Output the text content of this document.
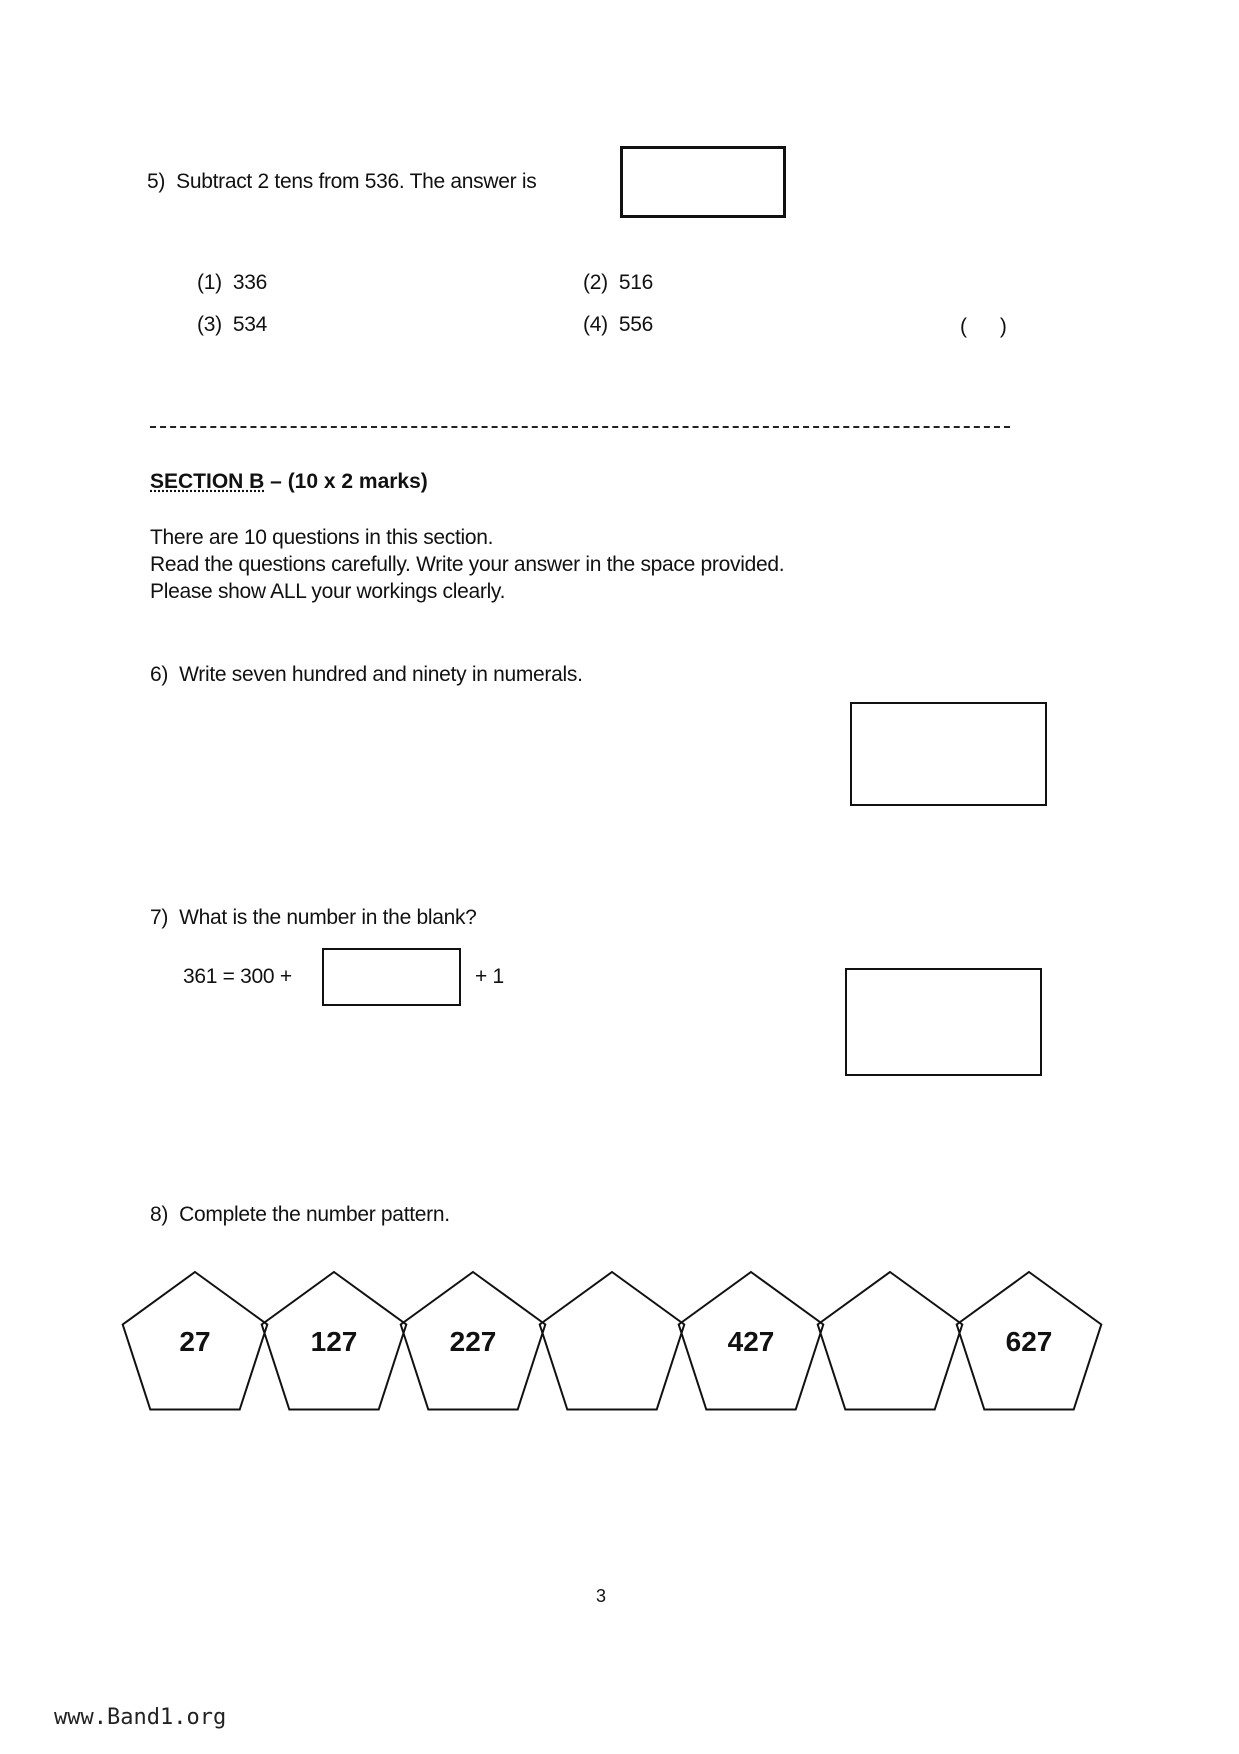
5) Subtract 2 tens from 536. The answer is
(1) 336	(2) 516
(3) 534	(4) 556	(      )
SECTION B – (10 x 2 marks)
There are 10 questions in this section.
Read the questions carefully. Write your answer in the space provided.
Please show ALL your workings clearly.
6) Write seven hundred and ninety in numerals.
7) What is the number in the blank?
361 = 300 +	+ 1
8) Complete the number pattern.
27	127	227	427	627
3
www.Band1.org
